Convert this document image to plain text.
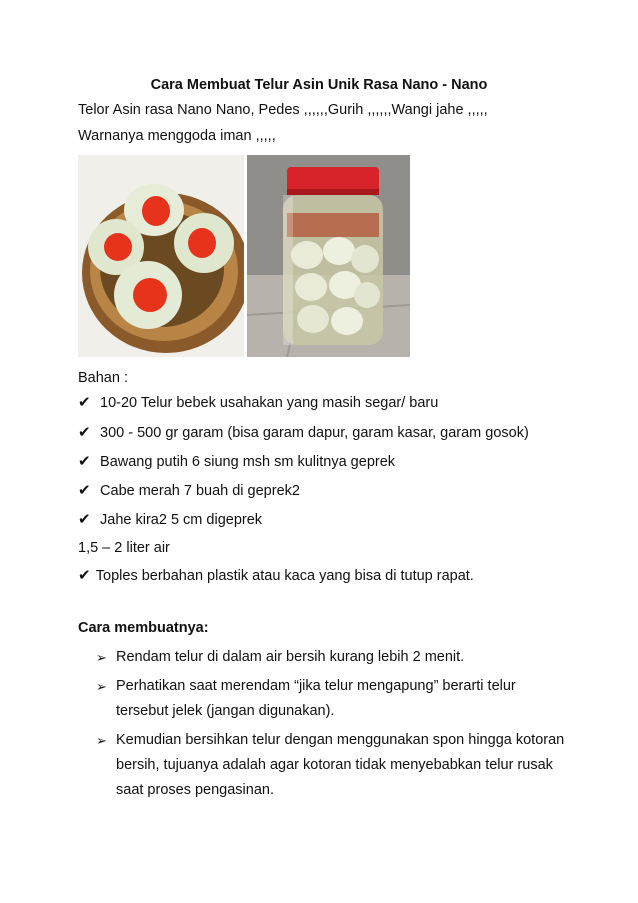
Cara Membuat Telur Asin Unik Rasa Nano - Nano
Telor Asin rasa Nano Nano, Pedes ,,,,,,Gurih ,,,,,,Wangi jahe ,,,,,
Warnanya menggoda iman ,,,,,
Bahan :
✔ 10-20 Telur bebek usahakan yang masih segar/ baru
✔ 300 - 500 gr garam (bisa garam dapur, garam kasar, garam gosok)
✔ Bawang putih 6 siung msh sm kulitnya geprek
✔ Cabe merah 7 buah di geprek2
✔ Jahe kira2 5 cm digeprek
1,5 – 2 liter air
✔ Toples berbahan plastik atau kaca yang bisa di tutup rapat.
Cara membuatnya:
➢ Rendam telur di dalam air bersih kurang lebih 2 menit.
➢ Perhatikan saat merendam “jika telur mengapung” berarti telur tersebut jelek (jangan digunakan).
➢ Kemudian bersihkan telur dengan menggunakan spon hingga kotoran bersih, tujuanya adalah agar kotoran tidak menyebabkan telur rusak saat proses pengasinan.
